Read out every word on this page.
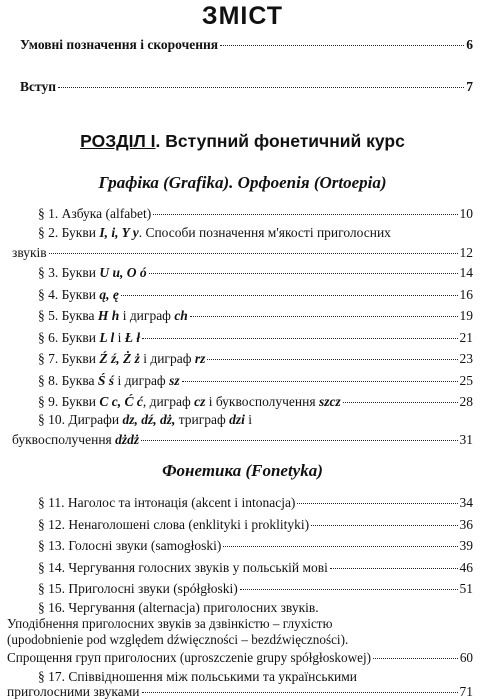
ЗМІСТ
Умовні позначення і скорочення	6
Вступ	7
РОЗДІЛ І. Вступний фонетичний курс
Графіка (Grafika). Орфоепія (Ortoepia)
§ 1. Азбука (alfabet)	10
§ 2. Букви I, i, Y y. Способи позначення м'якості приголосних
звуків	12
§ 3. Букви U u, O ó	14
§ 4. Букви ą, ę	16
§ 5. Буква H h і диграф ch	19
§ 6. Букви L l і Ł ł	21
§ 7. Букви Ź ź, Ż ż і диграф rz	23
§ 8. Буква Ś ś і диграф sz	25
§ 9. Букви C c, Ć ć, диграф cz і буквосполучення szcz	28
§ 10. Диграфи dz, dź, dż, триграф dzi і
буквосполучення dżdż	31
Фонетика (Fonetyka)
§ 11. Наголос та інтонація (akcent i intonacja)	34
§ 12. Ненаголошені слова (enklityki i proklityki)	36
§ 13. Голосні звуки (samogłoski)	39
§ 14. Чергування голосних звуків у польській мові	46
§ 15. Приголосні звуки (spółgłoski)	51
§ 16. Чергування (alternacja) приголосних звуків.
Уподібнення приголосних звуків за дзвінкістю – глухістю
(upodobnienie pod względem dźwięczności – bezdźwięczności).
Спрощення груп приголосних (uproszczenie grupy spółgłoskowej)	60
§ 17. Співвідношення між польськими та українськими
приголосними звуками	71
